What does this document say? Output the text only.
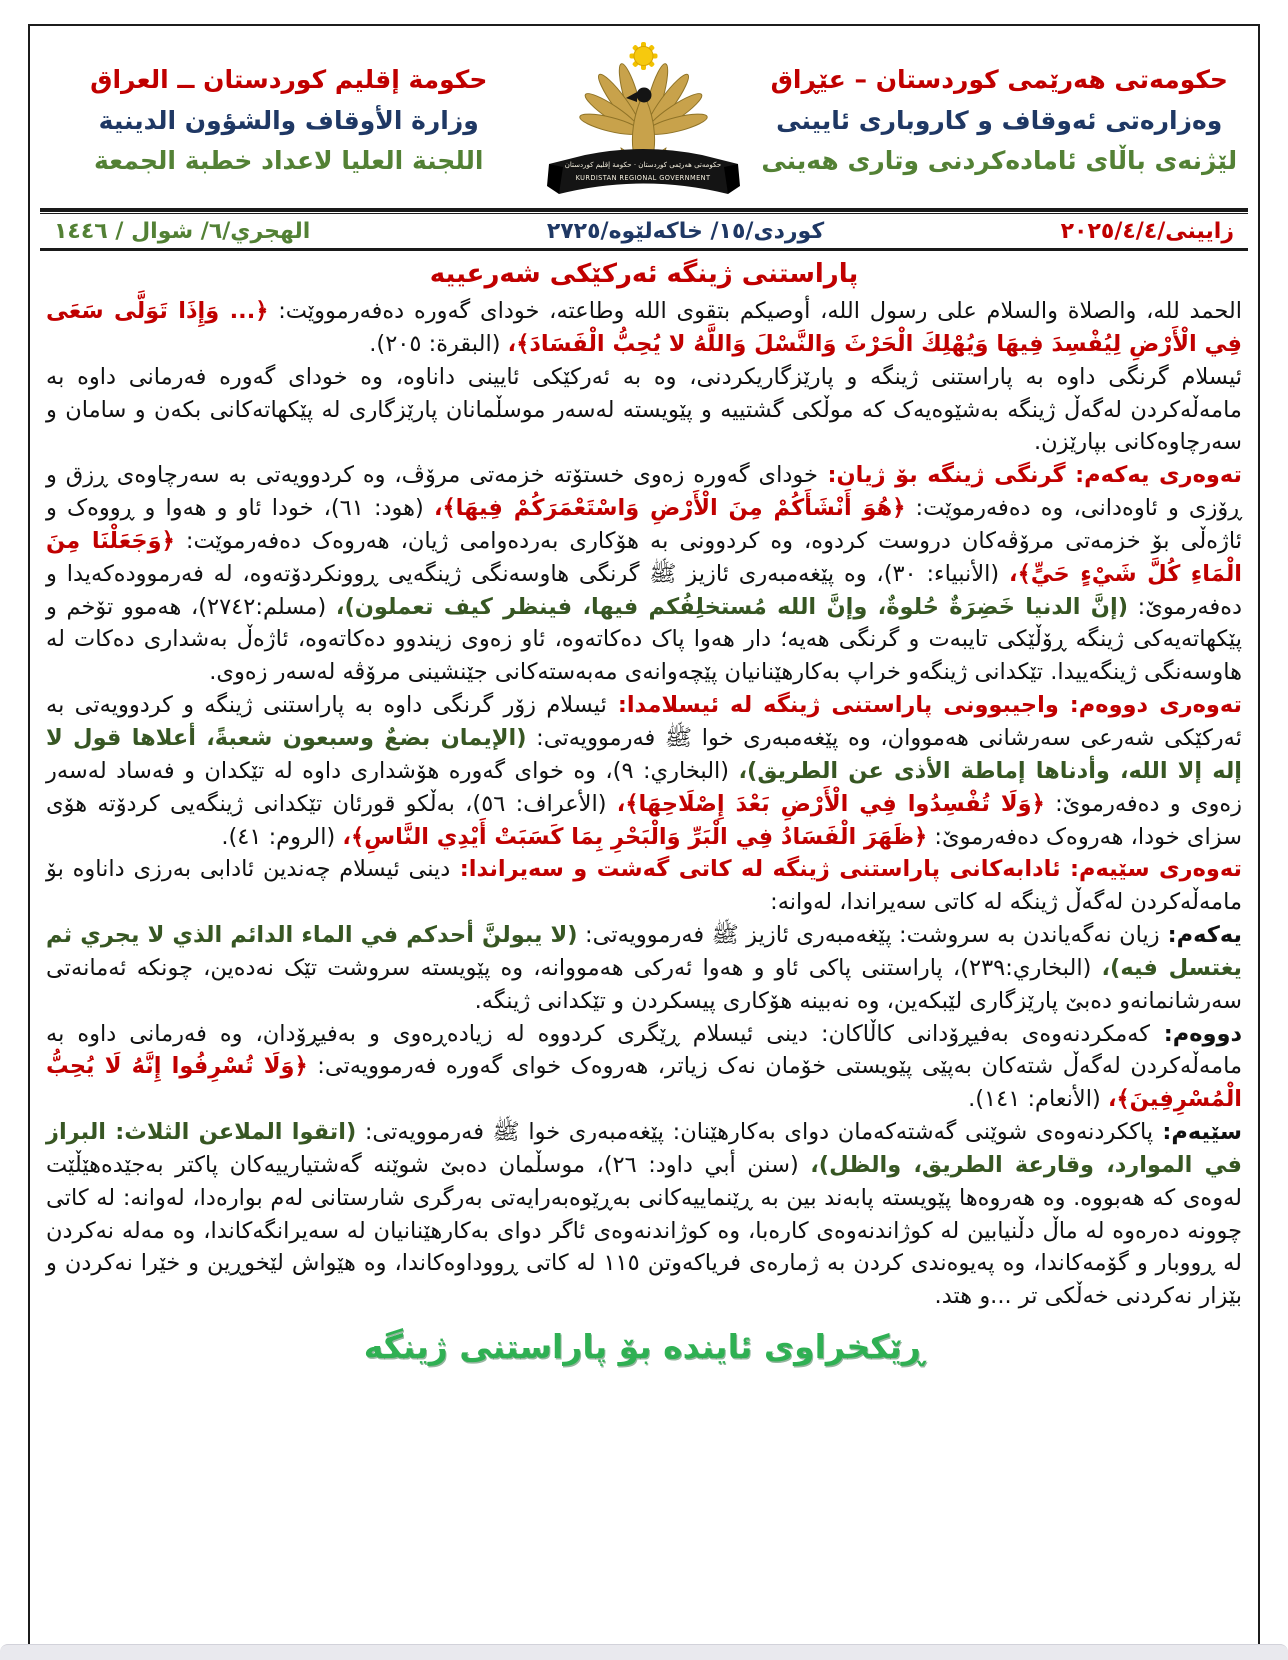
حكومەتی هەرێمی كوردستان – عێڕاق
وەزارەتی ئەوقاف و كاروباری ئایینی
لێژنەی باڵای ئامادەكردنی وتاری هەینی
حكومەتی هەرێمی كوردستان · حكومة إقليم كوردستان
KURDISTAN REGIONAL GOVERNMENT
حكومة إقليم كوردستان ــ العراق
وزارة الأوقاف والشؤون الدينية
اللجنة العليا لاعداد خطبة الجمعة
زایینی/٢٠٢٥/٤/٤
كوردی/١٥/ خاكەلێوە/٢٧٢٥
الهجري/٦/ شوال / ١٤٤٦
پاراستنی ژینگە ئەركێكی شەرعییە

الحمد لله، والصلاة والسلام على رسول الله، أوصيكم بتقوى الله وطاعته، خودای گەورە دەفەرمووێت: ﴿... وَإِذَا تَوَلَّى سَعَى فِي الْأَرْضِ لِيُفْسِدَ فِيهَا وَيُهْلِكَ الْحَرْثَ وَالنَّسْلَ وَاللَّهُ لا يُحِبُّ الْفَسَادَ﴾، (البقرة: ٢٠٥).

ئیسلام گرنگی داوە بە پاراستنی ژینگە و پارێزگاریكردنی، وە بە ئەركێكی ئایینی داناوە، وە خودای گەورە فەرمانی داوە بە مامەڵەكردن لەگەڵ ژینگە بەشێوەیەک كە موڵكی گشتییە و پێویستە لەسەر موسڵمانان پارێزگاری لە پێكهاتەكانی بكەن و سامان و سەرچاوەكانی بپارێزن.

تەوەری یەكەم: گرنگی ژینگە بۆ ژیان: خودای گەورە زەوی خستۆتە خزمەتی مرۆڤ، وە كردوویەتی بە سەرچاوەی ڕزق و ڕۆزی و ئاوەدانی، وە دەفەرموێت: ﴿هُوَ أَنْشَأَكُمْ مِنَ الْأَرْضِ وَاسْتَعْمَرَكُمْ فِيهَا﴾، (هود: ٦١)، خودا ئاو و هەوا و ڕووەک و ئاژەڵی بۆ خزمەتی مرۆڤەكان دروست كردوە، وە كردوونی بە هۆكاری بەردەوامی ژیان، هەروەک دەفەرموێت: ﴿وَجَعَلْنَا مِنَ الْمَاءِ كُلَّ شَيْءٍ حَيٍّ﴾، (الأنبياء: ٣٠)، وە پێغەمبەری ئازیز ﷺ گرنگی هاوسەنگی ژینگەیی ڕوونكردۆتەوە، لە فەرموودەكەیدا و دەفەرموێ: (إنَّ الدنيا خَضِرَةٌ حُلوةٌ، وإنَّ الله مُستخلِفُكم فيها، فينظر كيف تعملون)، (مسلم:٢٧٤٢)، هەموو تۆخم و پێكهاتەیەكی ژینگە ڕۆڵێكی تایبەت و گرنگی هەیە؛ دار هەوا پاک دەكاتەوە، ئاو زەوی زیندوو دەكاتەوە، ئاژەڵ بەشداری دەكات لە هاوسەنگی ژینگەییدا. تێكدانی ژینگەو خراپ بەكارهێنانیان پێچەوانەی مەبەستەكانی جێنشینی مرۆڤە لەسەر زەوی.

تەوەری دووەم: واجیبوونی پاراستنی ژینگە لە ئیسلامدا: ئیسلام زۆر گرنگی داوە بە پاراستنی ژینگە و كردوویەتی بە ئەركێكی شەرعی سەرشانی هەمووان، وە پێغەمبەری خوا ﷺ فەرموویەتی: (الإيمان بضعٌ وسبعون شعبةً، أعلاها قول لا إله إلا الله، وأدناها إماطة الأذى عن الطريق)، (البخاري: ٩)، وە خوای گەورە هۆشداری داوە لە تێكدان و فەساد لەسەر زەوی و دەفەرموێ: ﴿وَلَا تُفْسِدُوا فِي الْأَرْضِ بَعْدَ إِصْلَاحِهَا﴾، (الأعراف: ٥٦)، بەڵكو قورئان تێكدانی ژینگەیی كردۆتە هۆی سزای خودا، هەروەک دەفەرموێ: ﴿ظَهَرَ الْفَسَادُ فِي الْبَرِّ وَالْبَحْرِ بِمَا كَسَبَتْ أَيْدِي النَّاسِ﴾، (الروم: ٤١).

تەوەری سێیەم: ئادابەكانی پاراستنی ژینگە لە كاتی گەشت و سەیراندا: دینی ئیسلام چەندین ئادابی بەرزی داناوە بۆ مامەڵەكردن لەگەڵ ژینگە لە كاتی سەیراندا، لەوانە:

یەكەم: زیان نەگەیاندن بە سروشت: پێغەمبەری ئازیز ﷺ فەرموویەتی: (لا يبولنَّ أحدكم في الماء الدائم الذي لا يجري ثم يغتسل فيه)، (البخاري:٢٣٩)، پاراستنی پاكی ئاو و هەوا ئەركی هەمووانە، وە پێویستە سروشت تێک نەدەین، چونكە ئەمانەتی سەرشانمانەو دەبێ پارێزگاری لێبكەین، وە نەبینە هۆكاری پیسكردن و تێكدانی ژینگە.

دووەم: كەمكردنەوەی بەفیڕۆدانی كاڵاكان: دینی ئیسلام ڕێگری كردووە لە زیادەڕەوی و بەفیڕۆدان، وە فەرمانی داوە بە مامەڵەكردن لەگەڵ شتەكان بەپێی پێویستی خۆمان نەک زیاتر، هەروەک خوای گەورە فەرموویەتی: ﴿وَلَا تُسْرِفُوا إِنَّهُ لَا يُحِبُّ الْمُسْرِفِينَ﴾، (الأنعام: ١٤١).

سێیەم: پاككردنەوەی شوێنی گەشتەكەمان دوای بەكارهێنان: پێغەمبەری خوا ﷺ فەرموویەتی: (اتقوا الملاعن الثلاث: البراز في الموارد، وقارعة الطريق، والظل)، (سنن أبي داود: ٢٦)، موسڵمان دەبێ شوێنە گەشتیارییەكان پاكتر بەجێدەهێڵێت لەوەی كە هەبووە. وە هەروەها پێویستە پابەند بین بە ڕێنماییەكانی بەڕێوەبەرایەتی بەرگری شارستانی لەم بوارەدا، لەوانە: لە كاتی چوونە دەرەوە لە ماڵ دڵنیابین لە كوژاندنەوەی كارەبا، وە كوژاندنەوەی ئاگر دوای بەكارهێنانیان لە سەیرانگەكاندا، وە مەلە نەكردن لە ڕووبار و گۆمەكاندا، وە پەیوەندی كردن بە ژمارەی فریاكەوتن ١١٥ لە كاتی ڕووداوەكاندا، وە هێواش لێخوڕین و خێرا نەكردن و بێزار نەكردنی خەڵكی تر ...و هتد.

ڕێكخراوی ئایندە بۆ پاراستنی ژینگە
